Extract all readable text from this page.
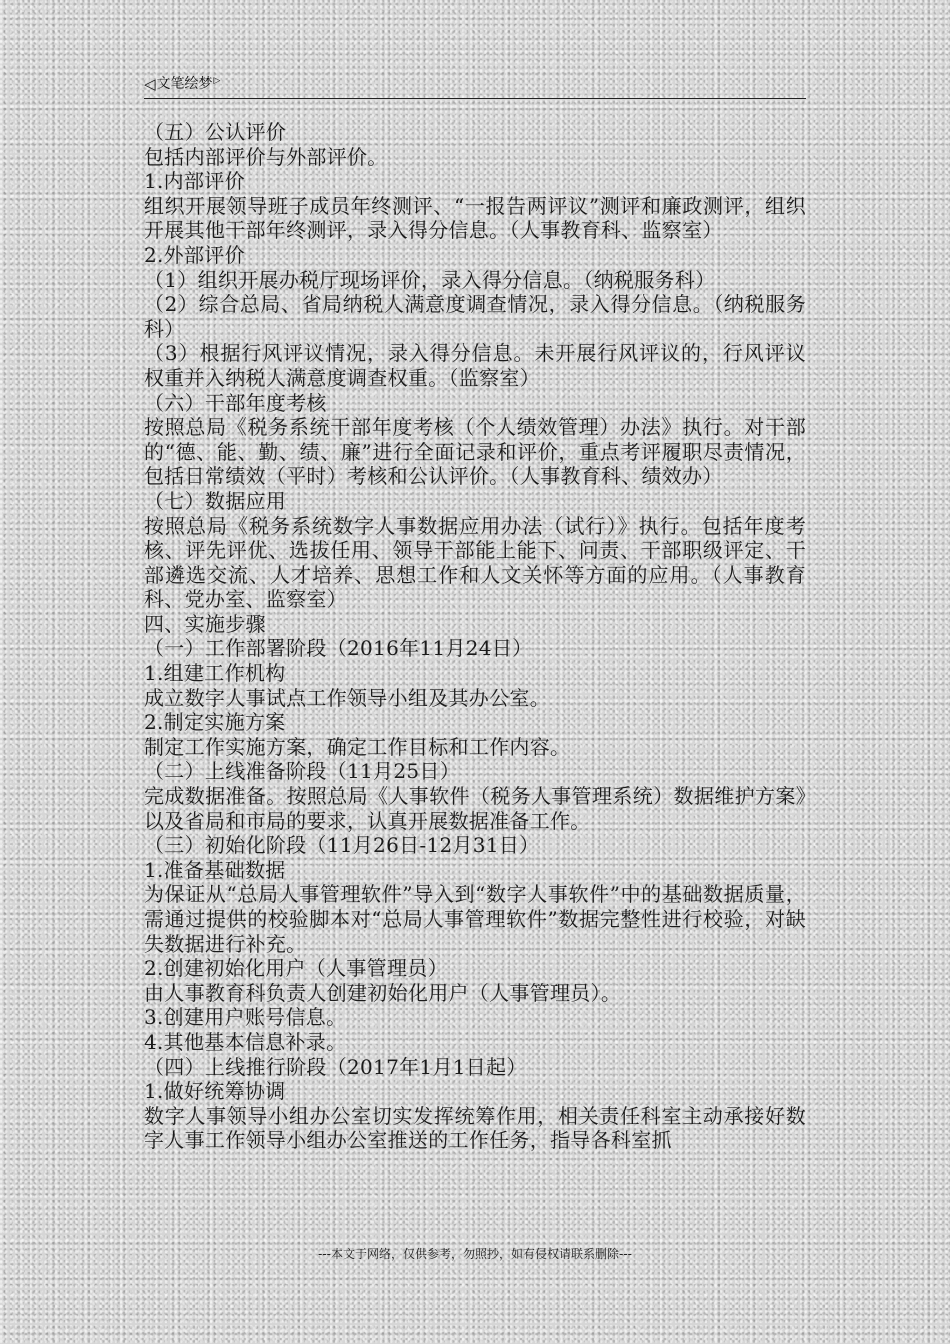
◁ 文笔绘梦 ▷

（五）公认评价

包括内部评价与外部评价。

1.内部评价

组织开展领导班子成员年终测评、“一报告两评议”测评和廉政测评，组织开展其他干部年终测评，录入得分信息。（人事教育科、监察室）

2.外部评价

（1）组织开展办税厅现场评价，录入得分信息。（纳税服务科）

（2）综合总局、省局纳税人满意度调查情况，录入得分信息。（纳税服务科）

（3）根据行风评议情况，录入得分信息。未开展行风评议的，行风评议权重并入纳税人满意度调查权重。（监察室）

（六）干部年度考核

按照总局《税务系统干部年度考核（个人绩效管理）办法》执行。对干部的“德、能、勤、绩、廉”进行全面记录和评价，重点考评履职尽责情况，包括日常绩效（平时）考核和公认评价。（人事教育科、绩效办）

（七）数据应用

按照总局《税务系统数字人事数据应用办法（试行）》执行。包括年度考核、评先评优、选拔任用、领导干部能上能下、问责、干部职级评定、干部遴选交流、人才培养、思想工作和人文关怀等方面的应用。（人事教育科、党办室、监察室）

四、实施步骤

（一）工作部署阶段（2016年11月24日）

1.组建工作机构

成立数字人事试点工作领导小组及其办公室。

2.制定实施方案

制定工作实施方案，确定工作目标和工作内容。

（二）上线准备阶段（11月25日）

完成数据准备。按照总局《人事软件（税务人事管理系统）数据维护方案》以及省局和市局的要求，认真开展数据准备工作。

（三）初始化阶段（11月26日-12月31日）

1.准备基础数据

为保证从“总局人事管理软件”导入到“数字人事软件”中的基础数据质量，需通过提供的校验脚本对“总局人事管理软件”数据完整性进行校验，对缺失数据进行补充。

2.创建初始化用户（人事管理员）

由人事教育科负责人创建初始化用户（人事管理员）。

3.创建用户账号信息。

4.其他基本信息补录。

（四）上线推行阶段（2017年1月1日起）

1.做好统筹协调

数字人事领导小组办公室切实发挥统筹作用，相关责任科室主动承接好数字人事工作领导小组办公室推送的工作任务，指导各科室抓

---本文于网络，仅供参考，勿照抄，如有侵权请联系删除---
